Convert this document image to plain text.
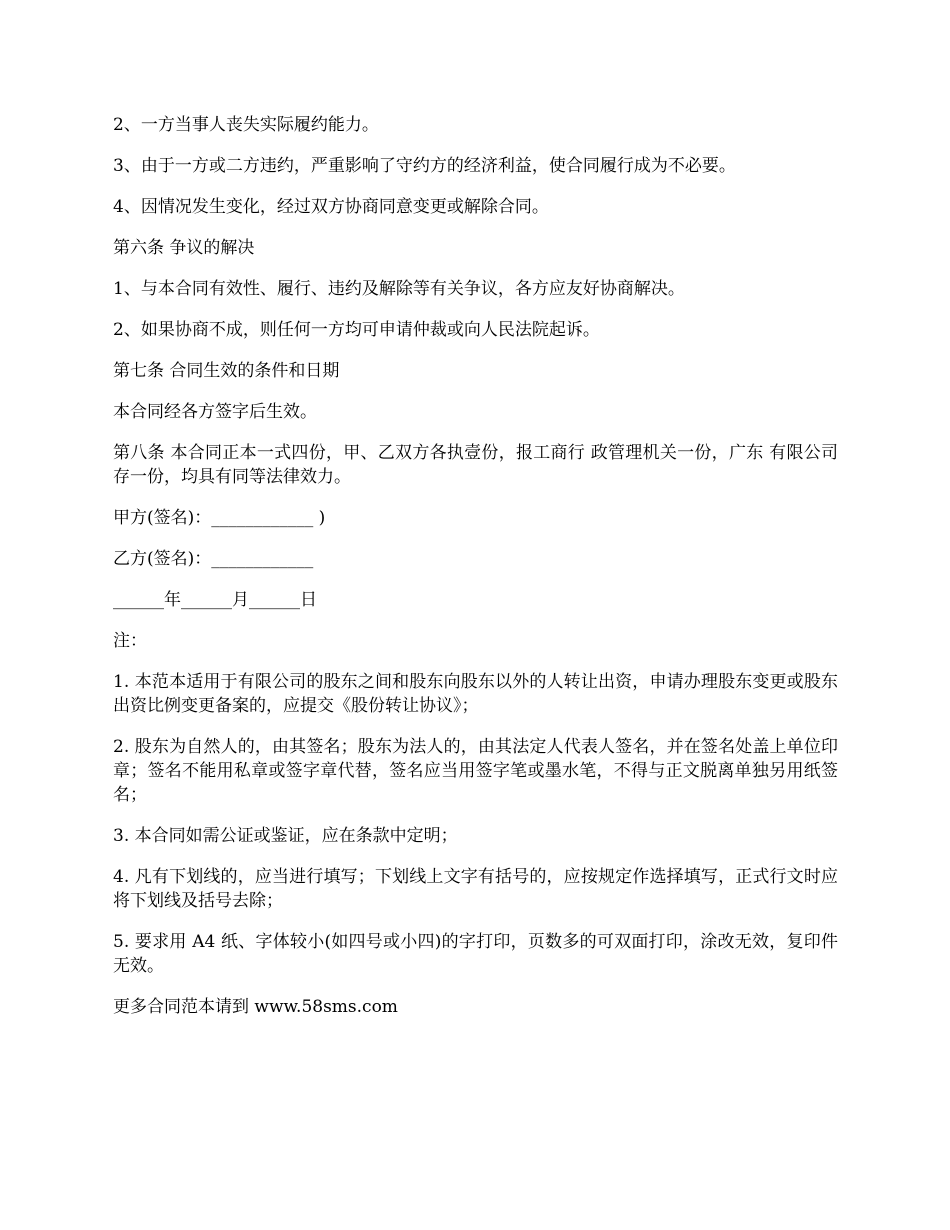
2、一方当事人丧失实际履约能力。

3、由于一方或二方违约，严重影响了守约方的经济利益，使合同履行成为不必要。

4、因情况发生变化，经过双方协商同意变更或解除合同。

第六条 争议的解决

1、与本合同有效性、履行、违约及解除等有关争议，各方应友好协商解决。

2、如果协商不成，则任何一方均可申请仲裁或向人民法院起诉。

第七条 合同生效的条件和日期

本合同经各方签字后生效。

第八条 本合同正本一式四份，甲、乙双方各执壹份，报工商行 政管理机关一份，广东 有限公司存一份，均具有同等法律效力。

甲方(签名)：____________ )

乙方(签名)：____________

______年______月______日

注：

1. 本范本适用于有限公司的股东之间和股东向股东以外的人转让出资，申请办理股东变更或股东出资比例变更备案的，应提交《股份转让协议》；

2. 股东为自然人的，由其签名；股东为法人的，由其法定人代表人签名，并在签名处盖上单位印章；签名不能用私章或签字章代替，签名应当用签字笔或墨水笔，不得与正文脱离单独另用纸签名；

3. 本合同如需公证或鉴证，应在条款中定明；

4. 凡有下划线的，应当进行填写；下划线上文字有括号的，应按规定作选择填写，正式行文时应将下划线及括号去除；

5. 要求用 A4 纸、字体较小(如四号或小四)的字打印，页数多的可双面打印，涂改无效，复印件无效。

更多合同范本请到 www.58sms.com
